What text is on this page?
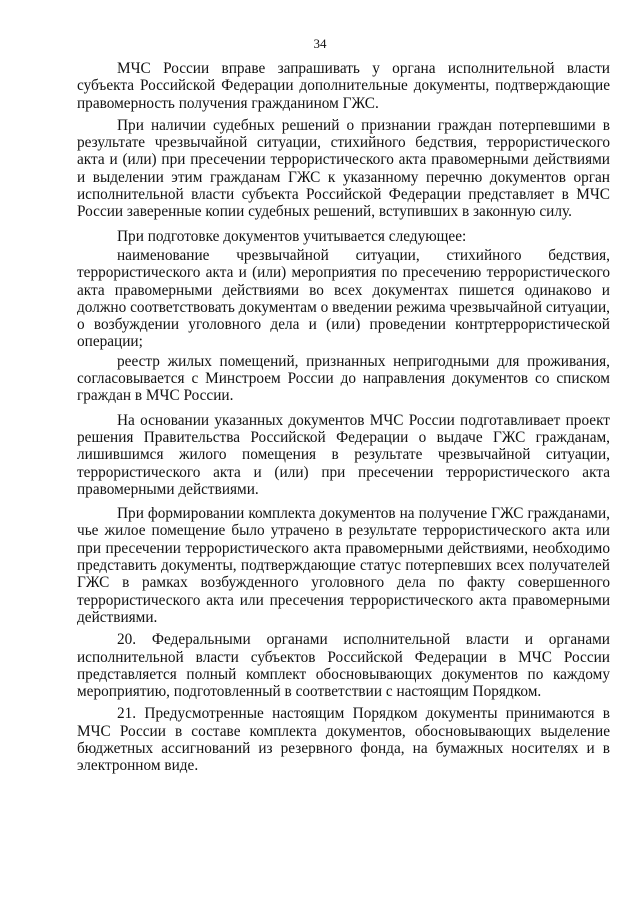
34

МЧС России вправе запрашивать у органа исполнительной власти субъекта Российской Федерации дополнительные документы, подтверждающие правомерность получения гражданином ГЖС.

При наличии судебных решений о признании граждан потерпевшими в результате чрезвычайной ситуации, стихийного бедствия, террористического акта и (или) при пресечении террористического акта правомерными действиями и выделении этим гражданам ГЖС к указанному перечню документов орган исполнительной власти субъекта Российской Федерации представляет в МЧС России заверенные копии судебных решений, вступивших в законную силу.

При подготовке документов учитывается следующее:

наименование чрезвычайной ситуации, стихийного бедствия, террористического акта и (или) мероприятия по пресечению террористического акта правомерными действиями во всех документах пишется одинаково и должно соответствовать документам о введении режима чрезвычайной ситуации, о возбуждении уголовного дела и (или) проведении контртеррористической операции;

реестр жилых помещений, признанных непригодными для проживания, согласовывается с Минстроем России до направления документов со списком граждан в МЧС России.

На основании указанных документов МЧС России подготавливает проект решения Правительства Российской Федерации о выдаче ГЖС гражданам, лишившимся жилого помещения в результате чрезвычайной ситуации, террористического акта и (или) при пресечении террористического акта правомерными действиями.

При формировании комплекта документов на получение ГЖС гражданами, чье жилое помещение было утрачено в результате террористического акта или при пресечении террористического акта правомерными действиями, необходимо представить документы, подтверждающие статус потерпевших всех получателей ГЖС в рамках возбужденного уголовного дела по факту совершенного террористического акта или пресечения террористического акта правомерными действиями.

20. Федеральными органами исполнительной власти и органами исполнительной власти субъектов Российской Федерации в МЧС России представляется полный комплект обосновывающих документов по каждому мероприятию, подготовленный в соответствии с настоящим Порядком.

21. Предусмотренные настоящим Порядком документы принимаются в МЧС России в составе комплекта документов, обосновывающих выделение бюджетных ассигнований из резервного фонда, на бумажных носителях и в электронном виде.
